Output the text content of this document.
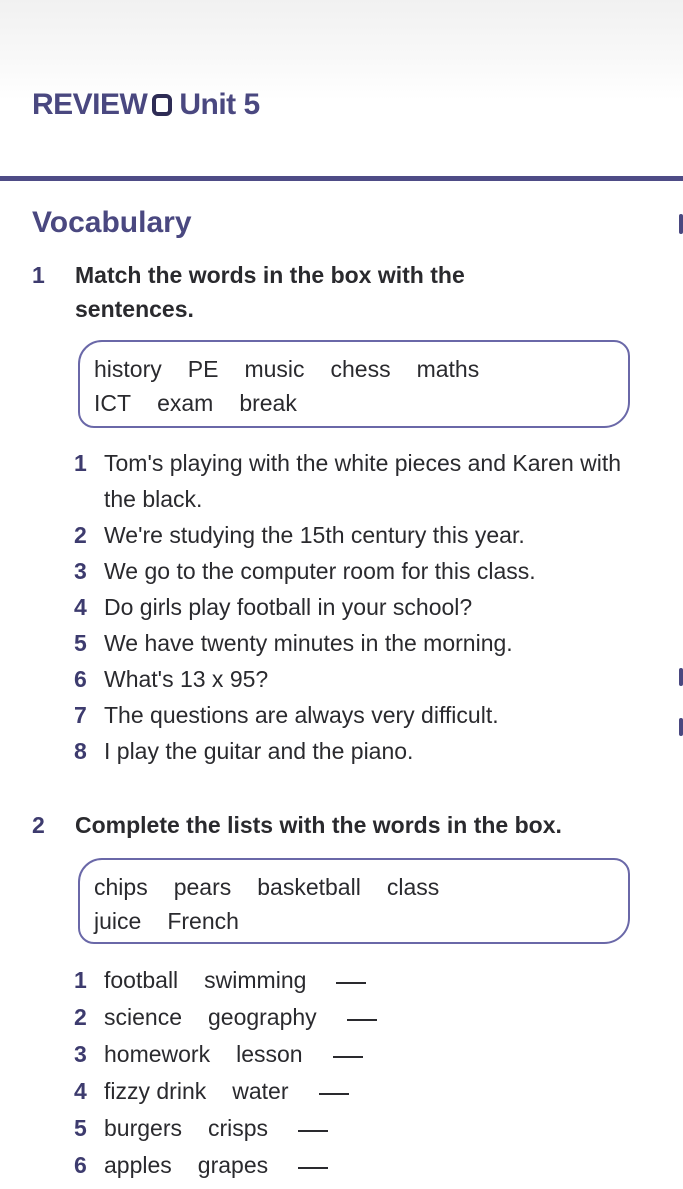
REVIEW Unit 5
Vocabulary
1 Match the words in the box with the sentences.
history PE music chess maths
ICT exam break
1 Tom's playing with the white pieces and Karen with the black.
2 We're studying the 15th century this year.
3 We go to the computer room for this class.
4 Do girls play football in your school?
5 We have twenty minutes in the morning.
6 What's 13 x 95?
7 The questions are always very difficult.
8 I play the guitar and the piano.
2 Complete the lists with the words in the box.
chips pears basketball class
juice French
1 football swimming
2 science geography
3 homework lesson
4 fizzy drink water
5 burgers crisps
6 apples grapes
